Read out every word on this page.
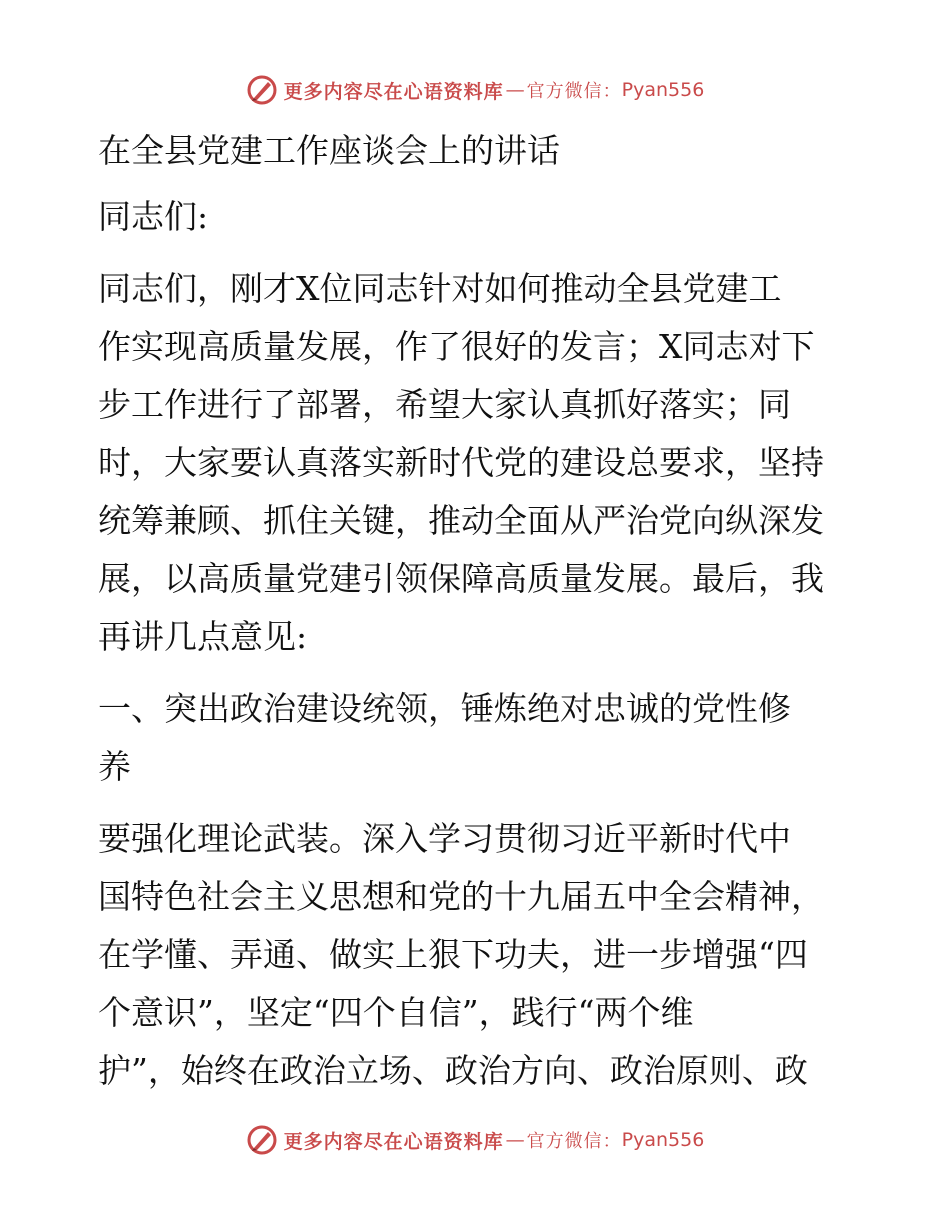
更多内容尽在心语资料库 — 官方微信： Pyan556
在全县党建工作座谈会上的讲话
同志们:
同志们，刚才X位同志针对如何推动全县党建工
作实现高质量发展，作了很好的发言；X同志对下
步工作进行了部署，希望大家认真抓好落实；同
时，大家要认真落实新时代党的建设总要求，坚持
统筹兼顾、抓住关键，推动全面从严治党向纵深发
展，以高质量党建引领保障高质量发展。最后，我
再讲几点意见:
一、突出政治建设统领，锤炼绝对忠诚的党性修
养
要强化理论武装。深入学习贯彻习近平新时代中
国特色社会主义思想和党的十九届五中全会精神，
在学懂、弄通、做实上狠下功夫，进一步增强“四
个意识”，坚定“四个自信”，践行“两个维
护”，始终在政治立场、政治方向、政治原则、政
更多内容尽在心语资料库 — 官方微信： Pyan556
